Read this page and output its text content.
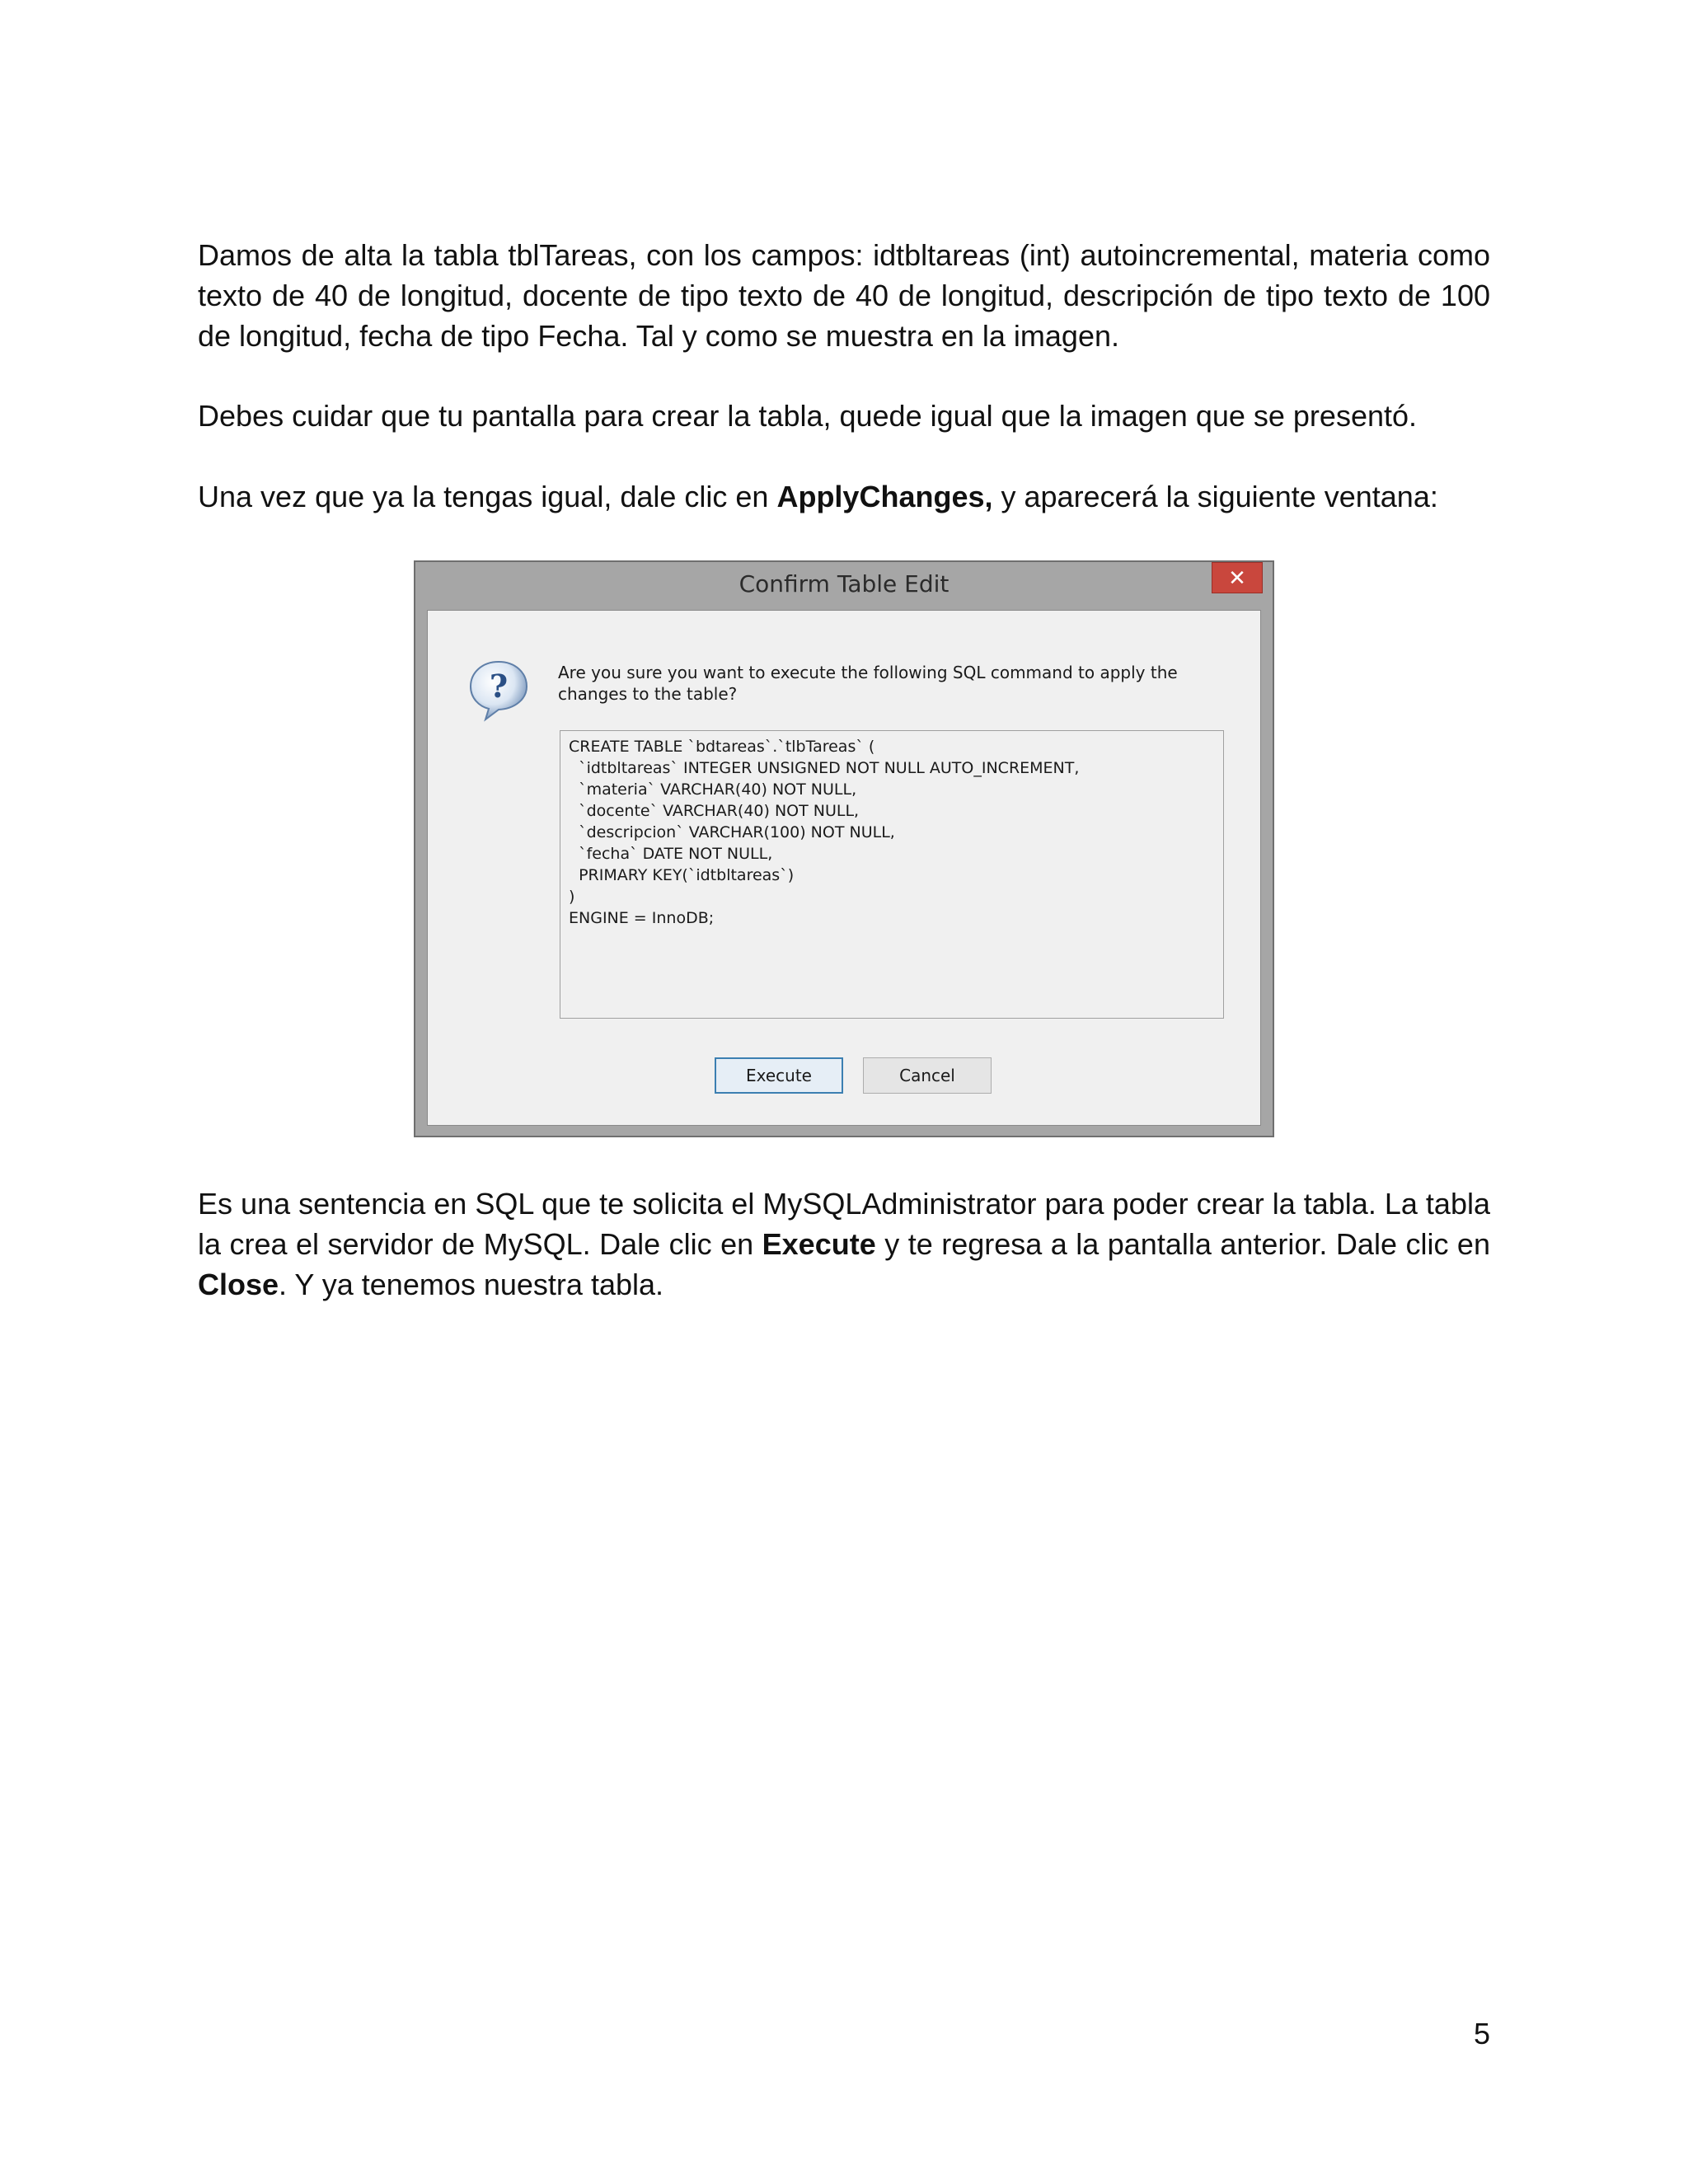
Damos de alta la tabla tblTareas, con los campos: idtbltareas (int) autoincremental, materia como texto de 40 de longitud, docente de tipo texto de 40 de longitud, descripción de tipo texto de 100 de longitud, fecha de tipo Fecha. Tal y como se muestra en la imagen.

Debes cuidar que tu pantalla para crear la tabla, quede igual que la imagen que se presentó.

Una vez que ya la tengas igual, dale clic en ApplyChanges, y aparecerá la siguiente ventana:

Confirm Table Edit	✕
?	Are you sure you want to execute the following SQL command to apply the changes to the table?

CREATE TABLE `bdtareas`.`tlbTareas` (
`idtbltareas` INTEGER UNSIGNED NOT NULL AUTO_INCREMENT,
`materia` VARCHAR(40) NOT NULL,
`docente` VARCHAR(40) NOT NULL,
`descripcion` VARCHAR(100) NOT NULL,
`fecha` DATE NOT NULL,
PRIMARY KEY(`idtbltareas`)
)
ENGINE = InnoDB;
Execute	Cancel

Es una sentencia en SQL que te solicita el MySQLAdministrator para poder crear la tabla. La tabla la crea el servidor de MySQL. Dale clic en Execute y te regresa a la pantalla anterior. Dale clic en Close. Y ya tenemos nuestra tabla.

5
